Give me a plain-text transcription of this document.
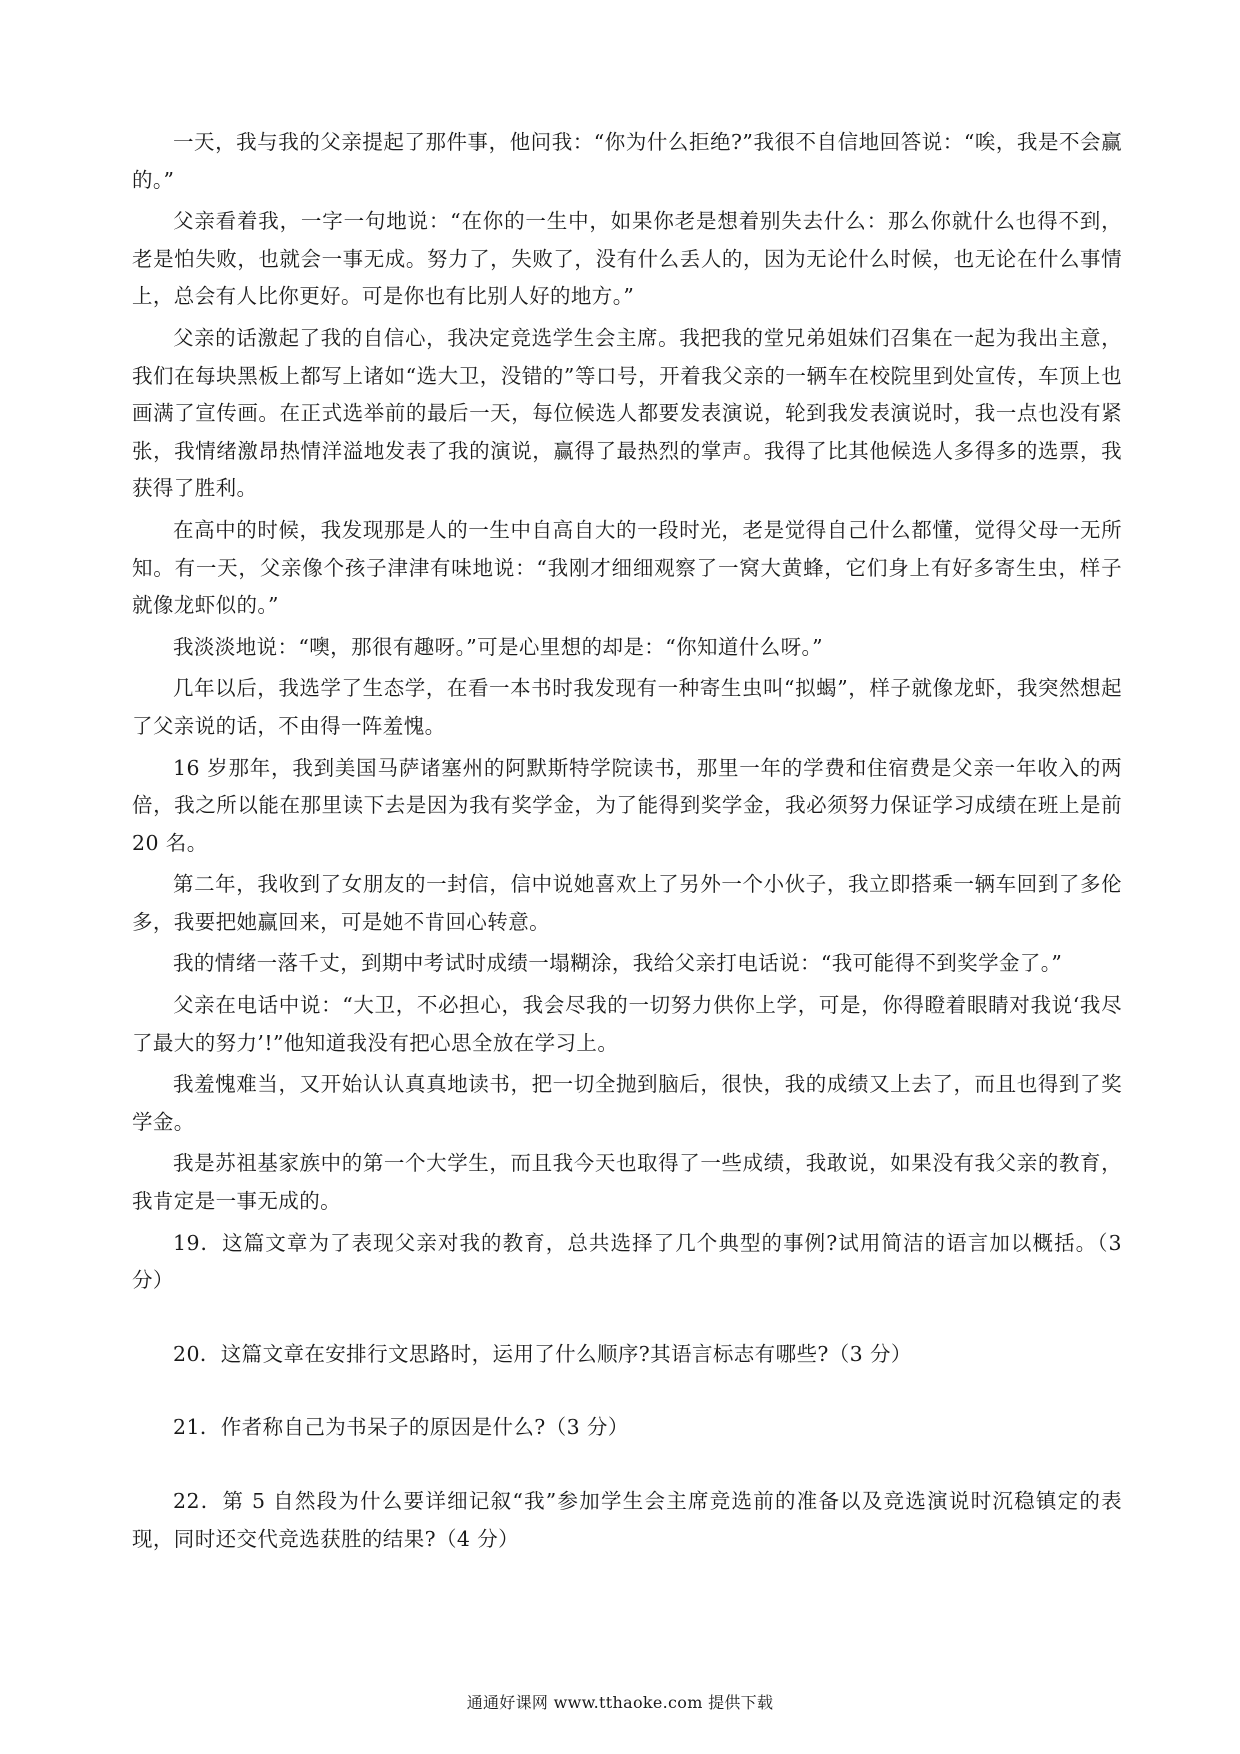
一天，我与我的父亲提起了那件事，他问我：“你为什么拒绝?”我很不自信地回答说：“唉，我是不会赢的。”

父亲看着我，一字一句地说：“在你的一生中，如果你老是想着别失去什么：那么你就什么也得不到，老是怕失败，也就会一事无成。努力了，失败了，没有什么丢人的，因为无论什么时候，也无论在什么事情上，总会有人比你更好。可是你也有比别人好的地方。”

父亲的话激起了我的自信心，我决定竞选学生会主席。我把我的堂兄弟姐妹们召集在一起为我出主意，我们在每块黑板上都写上诸如“选大卫，没错的”等口号，开着我父亲的一辆车在校院里到处宣传，车顶上也画满了宣传画。在正式选举前的最后一天，每位候选人都要发表演说，轮到我发表演说时，我一点也没有紧张，我情绪激昂热情洋溢地发表了我的演说，赢得了最热烈的掌声。我得了比其他候选人多得多的选票，我获得了胜利。

在高中的时候，我发现那是人的一生中自高自大的一段时光，老是觉得自己什么都懂，觉得父母一无所知。有一天，父亲像个孩子津津有味地说：“我刚才细细观察了一窝大黄蜂，它们身上有好多寄生虫，样子就像龙虾似的。”

我淡淡地说：“噢，那很有趣呀。”可是心里想的却是：“你知道什么呀。”

几年以后，我选学了生态学，在看一本书时我发现有一种寄生虫叫“拟蝎”，样子就像龙虾，我突然想起了父亲说的话，不由得一阵羞愧。

16 岁那年，我到美国马萨诸塞州的阿默斯特学院读书，那里一年的学费和住宿费是父亲一年收入的两倍，我之所以能在那里读下去是因为我有奖学金，为了能得到奖学金，我必须努力保证学习成绩在班上是前 20 名。

第二年，我收到了女朋友的一封信，信中说她喜欢上了另外一个小伙子，我立即搭乘一辆车回到了多伦多，我要把她赢回来，可是她不肯回心转意。

我的情绪一落千丈，到期中考试时成绩一塌糊涂，我给父亲打电话说：“我可能得不到奖学金了。”

父亲在电话中说：“大卫，不必担心，我会尽我的一切努力供你上学，可是，你得瞪着眼睛对我说‘我尽了最大的努力’!”他知道我没有把心思全放在学习上。

我羞愧难当，又开始认认真真地读书，把一切全抛到脑后，很快，我的成绩又上去了，而且也得到了奖学金。

我是苏祖基家族中的第一个大学生，而且我今天也取得了一些成绩，我敢说，如果没有我父亲的教育，我肯定是一事无成的。

19．这篇文章为了表现父亲对我的教育，总共选择了几个典型的事例?试用简洁的语言加以概括。（3分）

20．这篇文章在安排行文思路时，运用了什么顺序?其语言标志有哪些?（3 分）

21．作者称自己为书呆子的原因是什么?（3 分）

22．第 5 自然段为什么要详细记叙“我”参加学生会主席竞选前的准备以及竞选演说时沉稳镇定的表现，同时还交代竞选获胜的结果?（4 分）

通通好课网 www.tthaoke.com 提供下载
